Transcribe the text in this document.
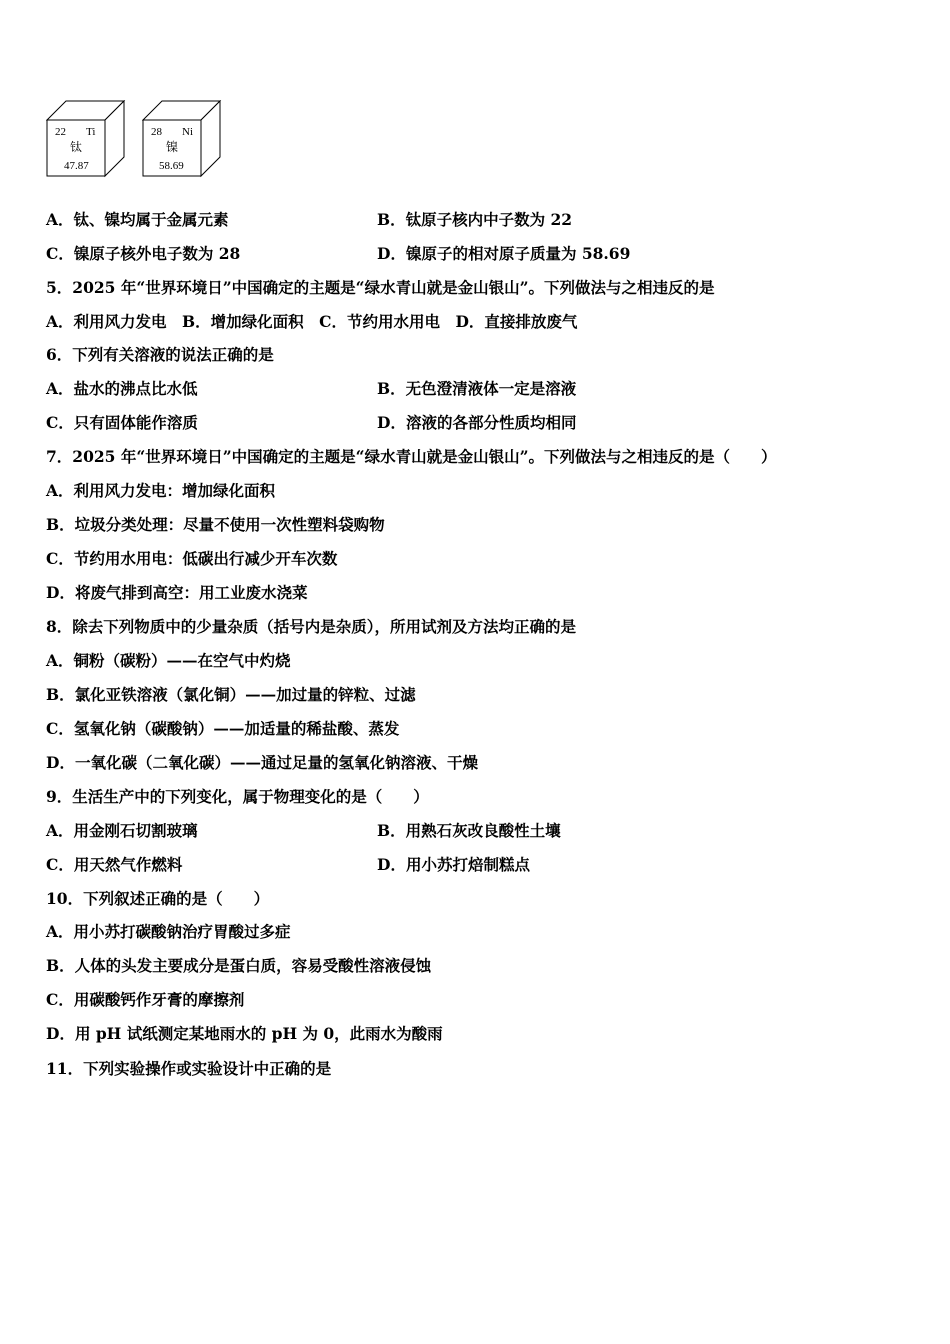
22 Ti
钛
47.87
28 Ni
镍
58.69
A．钛、镍均属于金属元素	B．钛原子核内中子数为 22
C．镍原子核外电子数为 28	D．镍原子的相对原子质量为 58.69
5．2025 年“世界环境日”中国确定的主题是“绿水青山就是金山银山”。下列做法与之相违反的是
A．利用风力发电　B．增加绿化面积　C．节约用水用电　D．直接排放废气
6．下列有关溶液的说法正确的是
A．盐水的沸点比水低	B．无色澄清液体一定是溶液
C．只有固体能作溶质	D．溶液的各部分性质均相同
7．2025 年“世界环境日”中国确定的主题是“绿水青山就是金山银山”。下列做法与之相违反的是（　　）
A．利用风力发电：增加绿化面积
B．垃圾分类处理：尽量不使用一次性塑料袋购物
C．节约用水用电：低碳出行减少开车次数
D．将废气排到高空：用工业废水浇菜
8．除去下列物质中的少量杂质（括号内是杂质），所用试剂及方法均正确的是
A．铜粉（碳粉）——在空气中灼烧
B．氯化亚铁溶液（氯化铜）——加过量的锌粒、过滤
C．氢氧化钠（碳酸钠）——加适量的稀盐酸、蒸发
D．一氧化碳（二氧化碳）——通过足量的氢氧化钠溶液、干燥
9．生活生产中的下列变化，属于物理变化的是（　　）
A．用金刚石切割玻璃	B．用熟石灰改良酸性土壤
C．用天然气作燃料	D．用小苏打焙制糕点
10．下列叙述正确的是（　　）
A．用小苏打碳酸钠治疗胃酸过多症
B．人体的头发主要成分是蛋白质，容易受酸性溶液侵蚀
C．用碳酸钙作牙膏的摩擦剂
D．用 pH 试纸测定某地雨水的 pH 为 0，此雨水为酸雨
11．下列实验操作或实验设计中正确的是
